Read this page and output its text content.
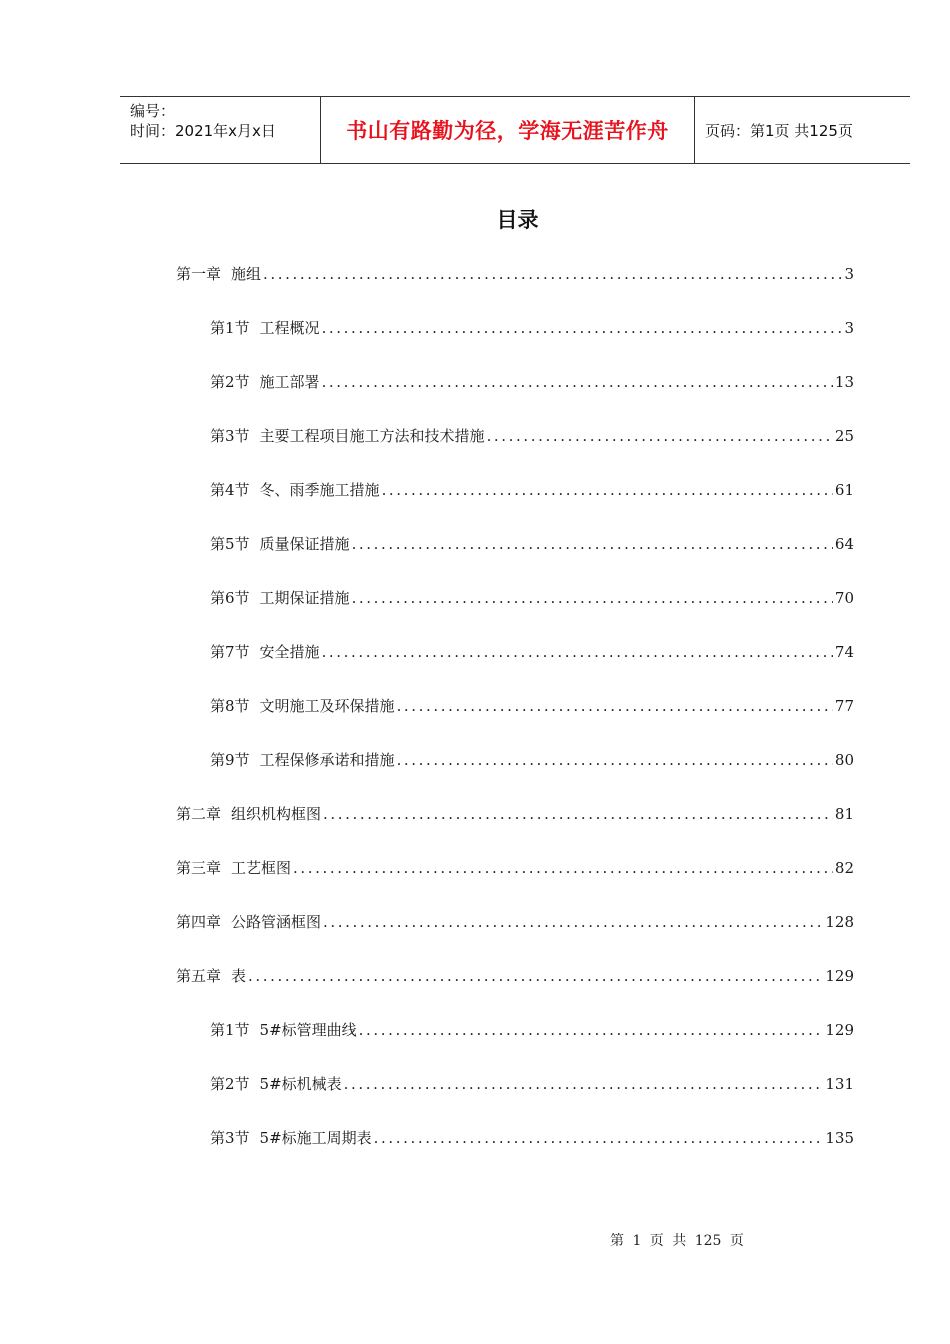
编号：
时间：2021年x月x日	书山有路勤为径，学海无涯苦作舟 页码：第1页 共125页
目录
第一章 施组 .....	3
第1节 工程概况 .....	3
第2节 施工部署 .....	13
第3节 主要工程项目施工方法和技术措施 .....	25
第4节 冬、雨季施工措施 .....	61
第5节 质量保证措施 .....	64
第6节 工期保证措施 .....	70
第7节 安全措施 .....	74
第8节 文明施工及环保措施 .....	77
第9节 工程保修承诺和措施 .....	80
第二章 组织机构框图 .....	81
第三章 工艺框图 .....	82
第四章 公路管涵框图 .....	128
第五章 表 .....	129
第1节 5#标管理曲线 .....	129
第2节 5#标机械表 .....	131
第3节 5#标施工周期表 .....	135
第 1 页 共 125 页
